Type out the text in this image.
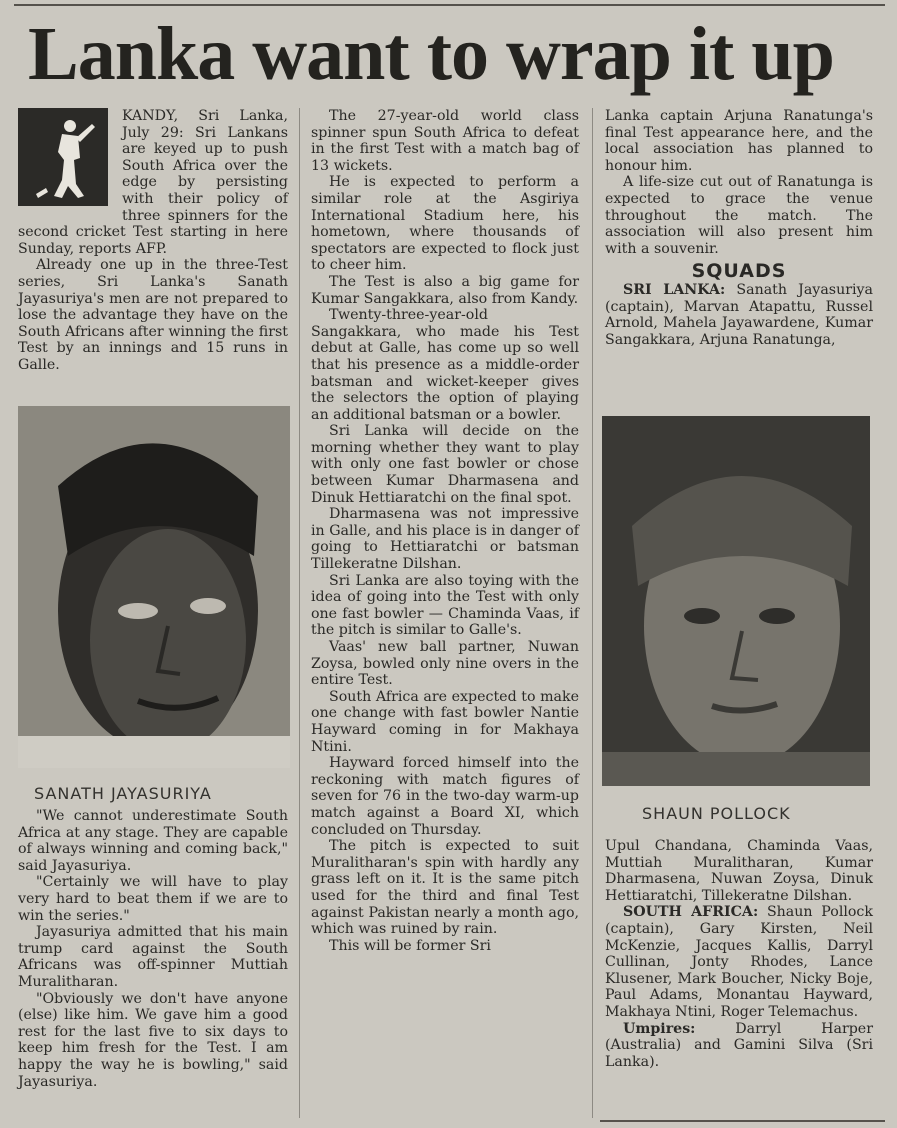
Lanka want to wrap it up

KANDY, Sri Lanka, July 29: Sri Lankans are keyed up to push South Africa over the edge by persisting with their policy of three spinners for the second cricket Test starting in here Sunday, reports AFP.

Already one up in the three-Test series, Sri Lanka's Sanath Jayasuriya's men are not prepared to lose the advantage they have on the South Africans after winning the first Test by an innings and 15 runs in Galle.

SANATH JAYASURIYA

"We cannot underestimate South Africa at any stage. They are capable of always winning and coming back," said Jayasuriya.

"Certainly we will have to play very hard to beat them if we are to win the series."

Jayasuriya admitted that his main trump card against the South Africans was off-spinner Muttiah Muralitharan.

"Obviously we don't have anyone (else) like him. We gave him a good rest for the last five to six days to keep him fresh for the Test. I am happy the way he is bowling," said Jayasuriya.

The 27-year-old world class spinner spun South Africa to defeat in the first Test with a match bag of 13 wickets.

He is expected to perform a similar role at the Asgiriya International Stadium here, his hometown, where thousands of spectators are expected to flock just to cheer him.

The Test is also a big game for Kumar Sangakkara, also from Kandy.

Twenty-three-year-old Sangakkara, who made his Test debut at Galle, has come up so well that his presence as a middle-order batsman and wicket-keeper gives the selectors the option of playing an additional batsman or a bowler.

Sri Lanka will decide on the morning whether they want to play with only one fast bowler or chose between Kumar Dharmasena and Dinuk Hettiaratchi on the final spot.

Dharmasena was not impressive in Galle, and his place is in danger of going to Hettiaratchi or batsman Tillekeratne Dilshan.

Sri Lanka are also toying with the idea of going into the Test with only one fast bowler — Chaminda Vaas, if the pitch is similar to Galle's.

Vaas' new ball partner, Nuwan Zoysa, bowled only nine overs in the entire Test.

South Africa are expected to make one change with fast bowler Nantie Hayward coming in for Makhaya Ntini.

Hayward forced himself into the reckoning with match figures of seven for 76 in the two-day warm-up match against a Board XI, which concluded on Thursday.

The pitch is expected to suit Muralitharan's spin with hardly any grass left on it. It is the same pitch used for the third and final Test against Pakistan nearly a month ago, which was ruined by rain.

This will be former Sri

Lanka captain Arjuna Ranatunga's final Test appearance here, and the local association has planned to honour him.

A life-size cut out of Ranatunga is expected to grace the venue throughout the match. The association will also present him with a souvenir.

SQUADS

SRI LANKA: Sanath Jayasuriya (captain), Marvan Atapattu, Russel Arnold, Mahela Jayawardene, Kumar Sangakkara, Arjuna Ranatunga,

SHAUN POLLOCK

Upul Chandana, Chaminda Vaas, Muttiah Muralitharan, Kumar Dharmasena, Nuwan Zoysa, Dinuk Hettiaratchi, Tillekeratne Dilshan.

SOUTH AFRICA: Shaun Pollock (captain), Gary Kirsten, Neil McKenzie, Jacques Kallis, Darryl Cullinan, Jonty Rhodes, Lance Klusener, Mark Boucher, Nicky Boje, Paul Adams, Monantau Hayward, Makhaya Ntini, Roger Telemachus.

Umpires:	Darryl Harper (Australia) and Gamini Silva (Sri Lanka).
